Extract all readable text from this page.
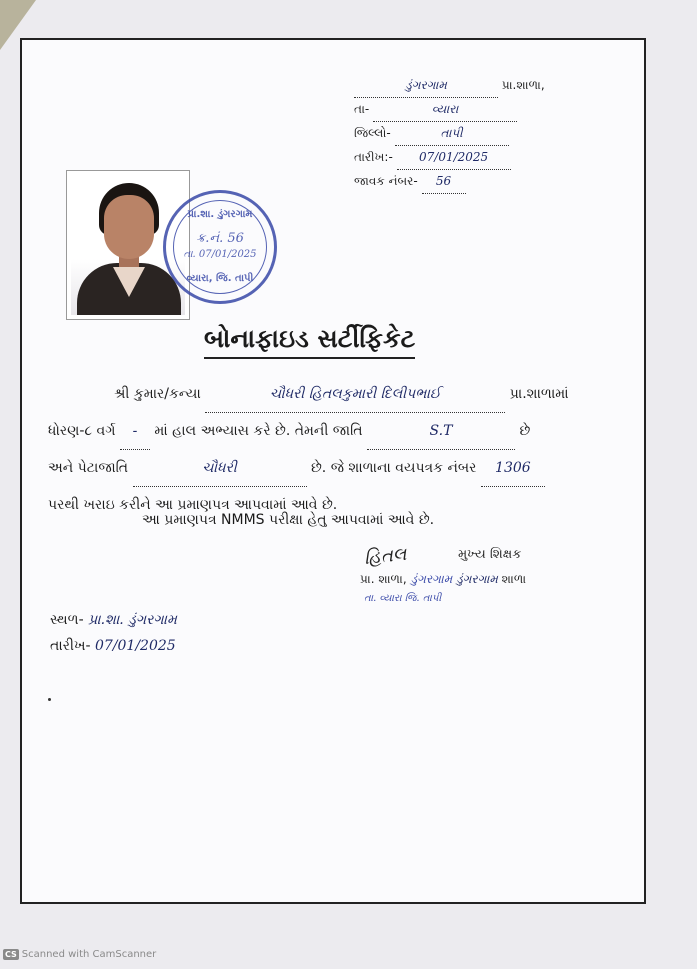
ડુંગરગામ	પ્રા.શાળા,
તા-	વ્યારા
જિલ્લો-	તાપી
તારીખ:- 07/01/2025
જાવક નંબર- 56
પ્રા.શા. ડુંગરગામ
ક્ર.નં. 56
તા. 07/01/2025
વ્યારા, જિ. તાપી
બોનાફાઇડ સર્ટીફિકેટ
શ્રી કુમાર/કન્યા	ચૌધરી હિતલકુમારી દિલીપભાઈ	પ્રા.શાળામાં
ધોરણ-૮ વર્ગ - માં હાલ અભ્યાસ કરે છે. તેમની જાતિ	S.T	છે
અને પેટાજાતિ	ચૌધરી	છે. જે શાળાના વયપત્રક નંબર 1306
પરથી ખરાઇ કરીને આ પ્રમાણપત્ર આપવામાં આવે છે.
આ પ્રમાણપત્ર NMMS પરીક્ષા હેતુ આપવામાં આવે છે.
હિતલ	મુખ્ય શિક્ષક
પ્રા. શાળા, ડુંગરગામ ડુંગરગામ શાળા
તા. વ્યારા જિ. તાપી
સ્થળ- પ્રા.શા. ડુંગરગામ
તારીખ- 07/01/2025
CS Scanned with CamScanner
